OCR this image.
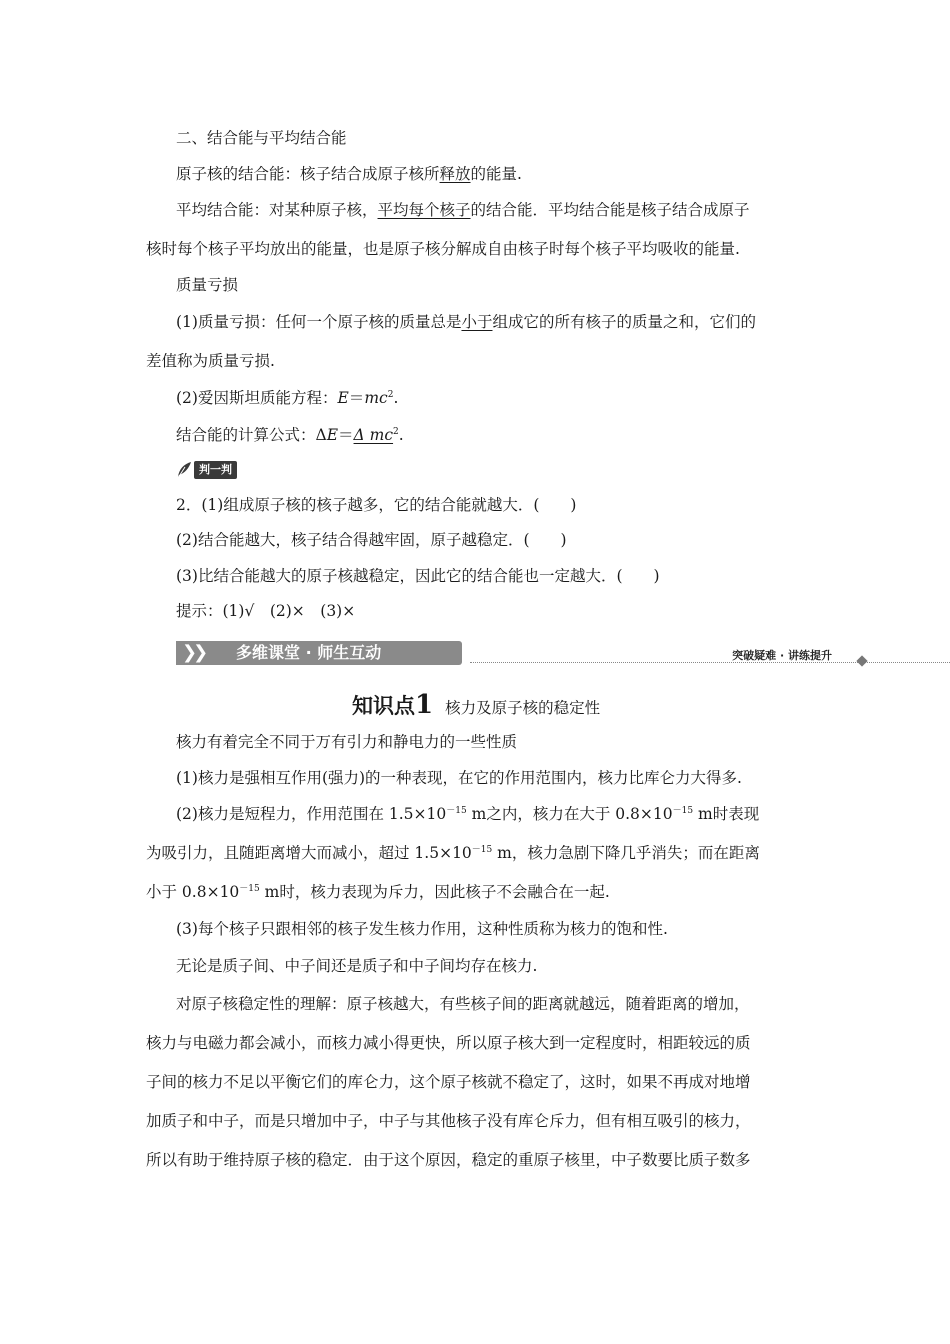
二、结合能与平均结合能
原子核的结合能：核子结合成原子核所释放的能量.
平均结合能：对某种原子核，平均每个核子的结合能．平均结合能是核子结合成原子
核时每个核子平均放出的能量，也是原子核分解成自由核子时每个核子平均吸收的能量.
质量亏损
(1)质量亏损：任何一个原子核的质量总是小于组成它的所有核子的质量之和，它们的
差值称为质量亏损.
(2)爱因斯坦质能方程：$E=mc^2$.
结合能的计算公式：ΔE＝Δ $mc^2$.
判一判
2．(1)组成原子核的核子越多，它的结合能就越大．(　　)
(2)结合能越大，核子结合得越牢固，原子越稳定．(　　)
(3)比结合能越大的原子核越稳定，因此它的结合能也一定越大．(　　)
提示：(1)√　(2)×　(3)×
❯❯ 多维课堂 · 师生互动	突破疑难 · 讲练提升
知识点 1 核力及原子核的稳定性
核力有着完全不同于万有引力和静电力的一些性质
(1)核力是强相互作用(强力)的一种表现，在它的作用范围内，核力比库仑力大得多.
(2)核力是短程力，作用范围在 $1.5\times 10^{-15}$ m之内，核力在大于 $0.8\times 10^{-15}$ m时表现
为吸引力，且随距离增大而减小，超过 $1.5\times 10^{-15}$ m，核力急剧下降几乎消失；而在距离
小于 $0.8\times 10^{-15}$ m时，核力表现为斥力，因此核子不会融合在一起.
(3)每个核子只跟相邻的核子发生核力作用，这种性质称为核力的饱和性.
无论是质子间、中子间还是质子和中子间均存在核力.
对原子核稳定性的理解：原子核越大，有些核子间的距离就越远，随着距离的增加，
核力与电磁力都会减小，而核力减小得更快，所以原子核大到一定程度时，相距较远的质
子间的核力不足以平衡它们的库仑力，这个原子核就不稳定了，这时，如果不再成对地增
加质子和中子，而是只增加中子，中子与其他核子没有库仑斥力，但有相互吸引的核力，
所以有助于维持原子核的稳定．由于这个原因，稳定的重原子核里，中子数要比质子数多
